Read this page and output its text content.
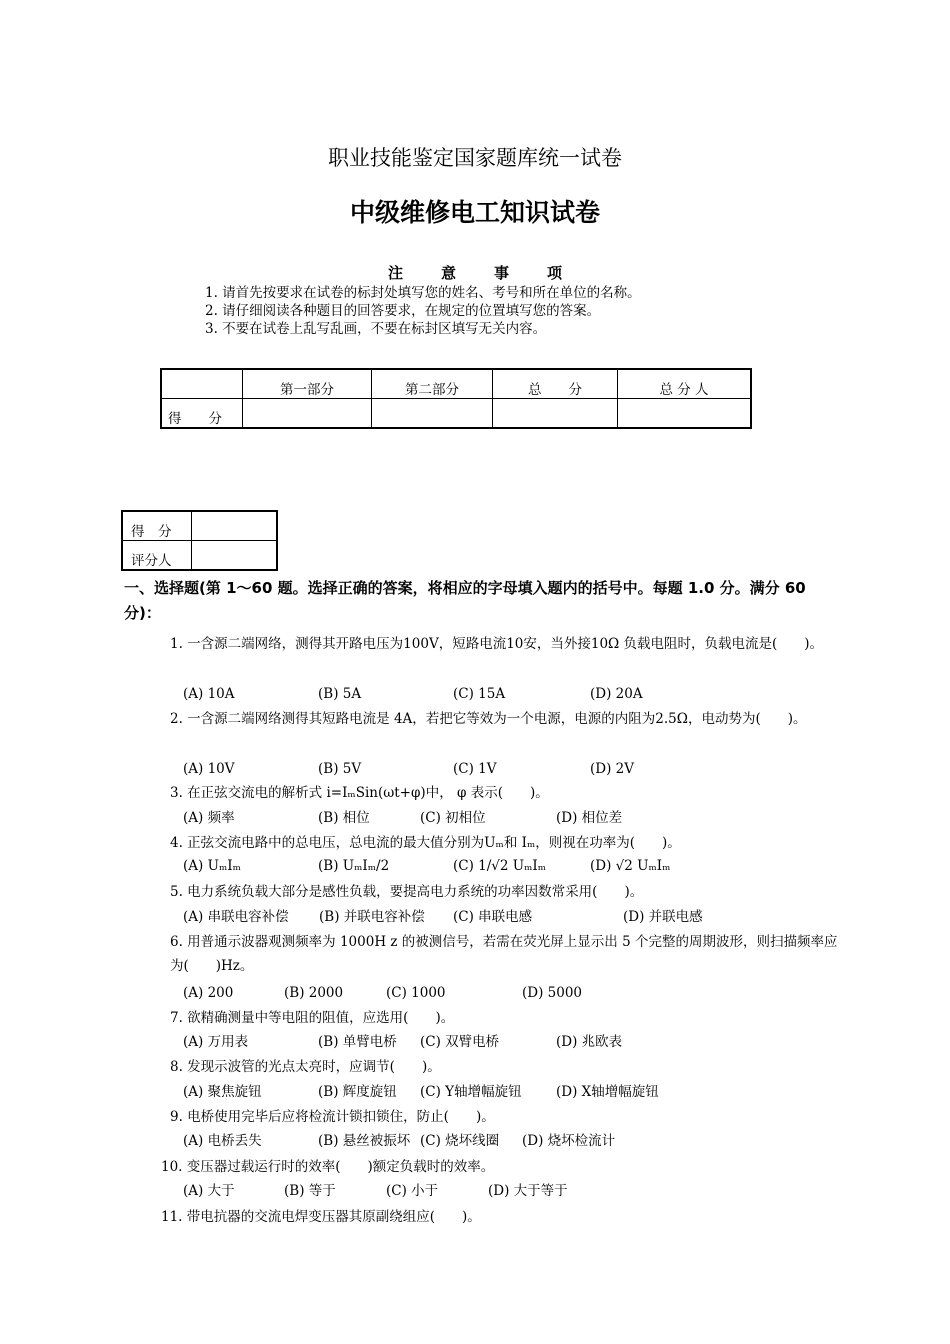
职业技能鉴定国家题库统一试卷
中级维修电工知识试卷
注意事项
1. 请首先按要求在试卷的标封处填写您的姓名、考号和所在单位的名称。
2. 请仔细阅读各种题目的回答要求，在规定的位置填写您的答案。
3. 不要在试卷上乱写乱画，不要在标封区填写无关内容。
	第一部分	第二部分	总　　分	总 分 人
得　　分				
得　分	
评分人	
一、选择题(第 1～60 题。选择正确的答案，将相应的字母填入题内的括号中。每题 1.0 分。满分 60 分)：
1. 一含源二端网络，测得其开路电压为100V，短路电流10安，当外接10Ω 负载电阻时，负载电流是(　　)。
(A) 10A	(B) 5A	(C) 15A	(D) 20A
2. 一含源二端网络测得其短路电流是 4A，若把它等效为一个电源，电源的内阻为2.5Ω，电动势为(　　)。
(A) 10V	(B) 5V	(C) 1V	(D) 2V
3. 在正弦交流电的解析式 i=IₘSin(ωt+φ)中， φ 表示(　　)。
(A) 频率	(B) 相位	(C) 初相位	(D) 相位差
4. 正弦交流电路中的总电压，总电流的最大值分别为Uₘ和 Iₘ，则视在功率为(　　)。
(A) UₘIₘ	(B) UₘIₘ/2	(C) 1/√2 UₘIₘ	(D) √2 UₘIₘ
5. 电力系统负载大部分是感性负载，要提高电力系统的功率因数常采用(　　)。
(A) 串联电容补偿 (B) 并联电容补偿 (C) 串联电感	(D) 并联电感
6. 用普通示波器观测频率为 1000H z 的被测信号，若需在荧光屏上显示出 5 个完整的周期波形，则扫描频率应为(　　)Hz。
(A) 200	(B) 2000	(C) 1000	(D) 5000
7. 欲精确测量中等电阻的阻值，应选用(　　)。
(A) 万用表	(B) 单臂电桥 (C) 双臂电桥	(D) 兆欧表
8. 发现示波管的光点太亮时，应调节(　　)。
(A) 聚焦旋钮	(B) 辉度旋钮 (C) Y轴增幅旋钮	(D) X轴增幅旋钮
9. 电桥使用完毕后应将检流计锁扣锁住，防止(　　)。
(A) 电桥丢失	(B) 悬丝被振坏 (C) 烧坏线圈 (D) 烧坏检流计
10. 变压器过载运行时的效率(　　)额定负载时的效率。
(A) 大于	(B) 等于	(C) 小于	(D) 大于等于
11. 带电抗器的交流电焊变压器其原副绕组应(　　)。
